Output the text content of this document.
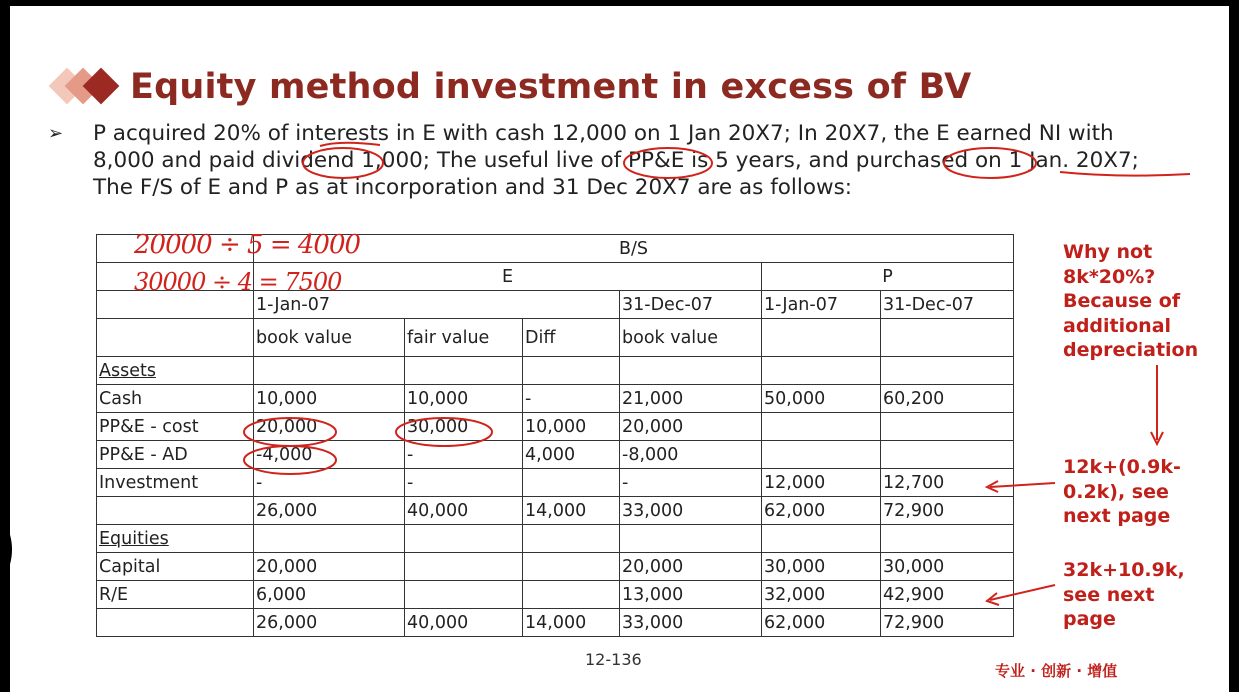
Equity method investment in excess of BV
➢ P acquired 20% of interests in E with cash 12,000 on 1 Jan 20X7; In 20X7, the E earned NI with 8,000 and paid dividend 1,000; The useful live of PP&E is 5 years, and purchased on 1 Jan. 20X7; The F/S of E and P as at incorporation and 31 Dec 20X7 are as follows:
	B/S					
	E				P	
	1-Jan-07			31-Dec-07	1-Jan-07	31-Dec-07
	book value	fair value	Diff	book value		
Assets						
Cash	10,000	10,000	-	21,000	50,000	60,200
PP&E - cost	20,000	30,000	10,000	20,000		
PP&E - AD	-4,000	-	4,000	-8,000		
Investment	-	-		-	12,000	12,700
	26,000	40,000	14,000	33,000	62,000	72,900
Equities						
Capital	20,000			20,000	30,000	30,000
R/E	6,000			13,000	32,000	42,900
	26,000	40,000	14,000	33,000	62,000	72,900
20000 ÷ 5 = 4000
30000 ÷ 4 = 7500
Why not
8k*20%?
Because of
additional
depreciation
12k+(0.9k-
0.2k), see
next page
32k+10.9k,
see next
page
12-136
专业 · 创新 · 增值
